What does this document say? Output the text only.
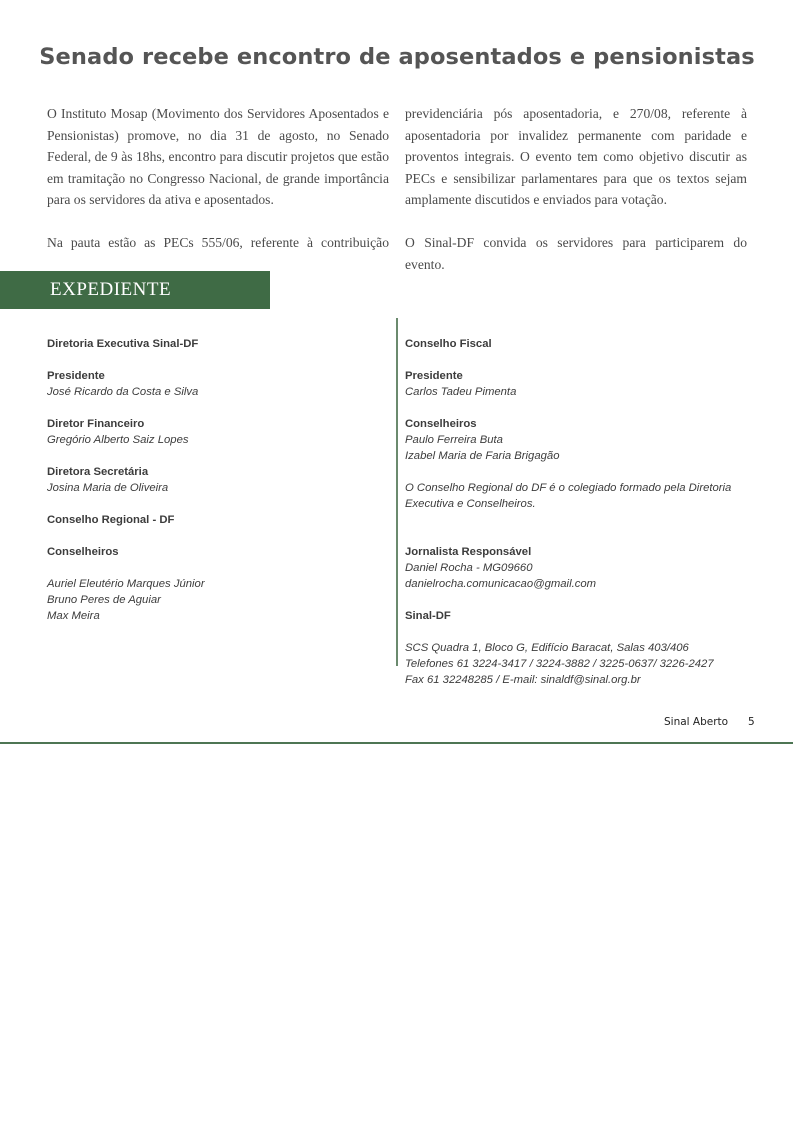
Senado recebe encontro de aposentados e pensionistas

O Instituto Mosap (Movimento dos Servidores Aposentados e Pensionistas) promove, no dia 31 de agosto, no Senado Federal, de 9 às 18hs, encontro para discutir projetos que estão em tramitação no Congresso Nacional, de grande importância para os servidores da ativa e aposentados.

Na pauta estão as PECs 555/06, referente à contribuição

previdenciária pós aposentadoria, e 270/08, referente à aposentadoria por invalidez permanente com paridade e proventos integrais. O evento tem como objetivo discutir as PECs e sensibilizar parlamentares para que os textos sejam amplamente discutidos e enviados para votação.

O Sinal-DF convida os servidores para participarem do evento.

EXPEDIENTE
Diretoria Executiva Sinal-DF
Presidente
José Ricardo da Costa e Silva
Diretor Financeiro
Gregório Alberto Saiz Lopes
Diretora Secretária
Josina Maria de Oliveira
Conselho Regional - DF
Conselheiros
Auriel Eleutério Marques Júnior
Bruno Peres de Aguiar
Max Meira
Conselho Fiscal
Presidente
Carlos Tadeu Pimenta
Conselheiros
Paulo Ferreira Buta
Izabel Maria de Faria Brigagão
O Conselho Regional do DF é o colegiado formado pela Diretoria
Executiva e Conselheiros.
Jornalista Responsável
Daniel Rocha - MG09660
danielrocha.comunicacao@gmail.com
Sinal-DF
SCS Quadra 1, Bloco G, Edifício Baracat, Salas 403/406
Telefones 61 3224-3417 / 3224-3882 / 3225-0637/ 3226-2427
Fax 61 32248285 / E-mail: sinaldf@sinal.org.br
Sinal Aberto 5
